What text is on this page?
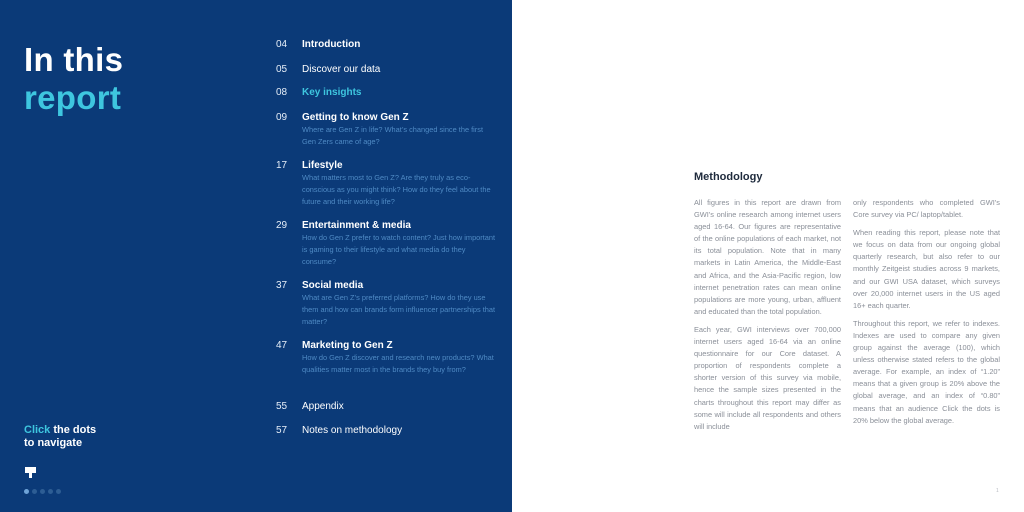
In this
report
04	Introduction
05	Discover our data
08	Key insights
09	Getting to know Gen Z
Where are Gen Z in life? What’s changed since the first Gen Zers came of age?
17	Lifestyle
What matters most to Gen Z? Are they truly as eco-conscious as you might think? How do they feel about the future and their working life?
29	Entertainment & media
How do Gen Z prefer to watch content? Just how important is gaming to their lifestyle and what media do they consume?
37	Social media
What are Gen Z’s preferred platforms? How do they use them and how can brands form influencer partnerships that matter?
47	Marketing to Gen Z
How do Gen Z discover and research new products? What qualities matter most in the brands they buy from?
55	Appendix
57	Notes on methodology
Click the dots
to navigate
Methodology

All figures in this report are drawn from GWI’s online research among internet users aged 16-64. Our figures are representative of the online populations of each market, not its total population. Note that in many markets in Latin America, the Middle-East and Africa, and the Asia-Pacific region, low internet penetration rates can mean online populations are more young, urban, affluent and educated than the total population.

Each year, GWI interviews over 700,000 internet users aged 16-64 via an online questionnaire for our Core dataset. A proportion of respondents complete a shorter version of this survey via mobile, hence the sample sizes presented in the charts throughout this report may differ as some will include all respondents and others will include

only respondents who completed GWI’s Core survey via PC/ laptop/tablet.

When reading this report, please note that we focus on data from our ongoing global quarterly research, but also refer to our monthly Zeitgeist studies across 9 markets, and our GWI USA dataset, which surveys over 20,000 internet users in the US aged 16+ each quarter.

Throughout this report, we refer to indexes. Indexes are used to compare any given group against the average (100), which unless otherwise stated refers to the global average. For example, an index of “1.20” means that a given group is 20% above the global average, and an index of “0.80” means that an audience Click the dots is 20% below the global average.

1
